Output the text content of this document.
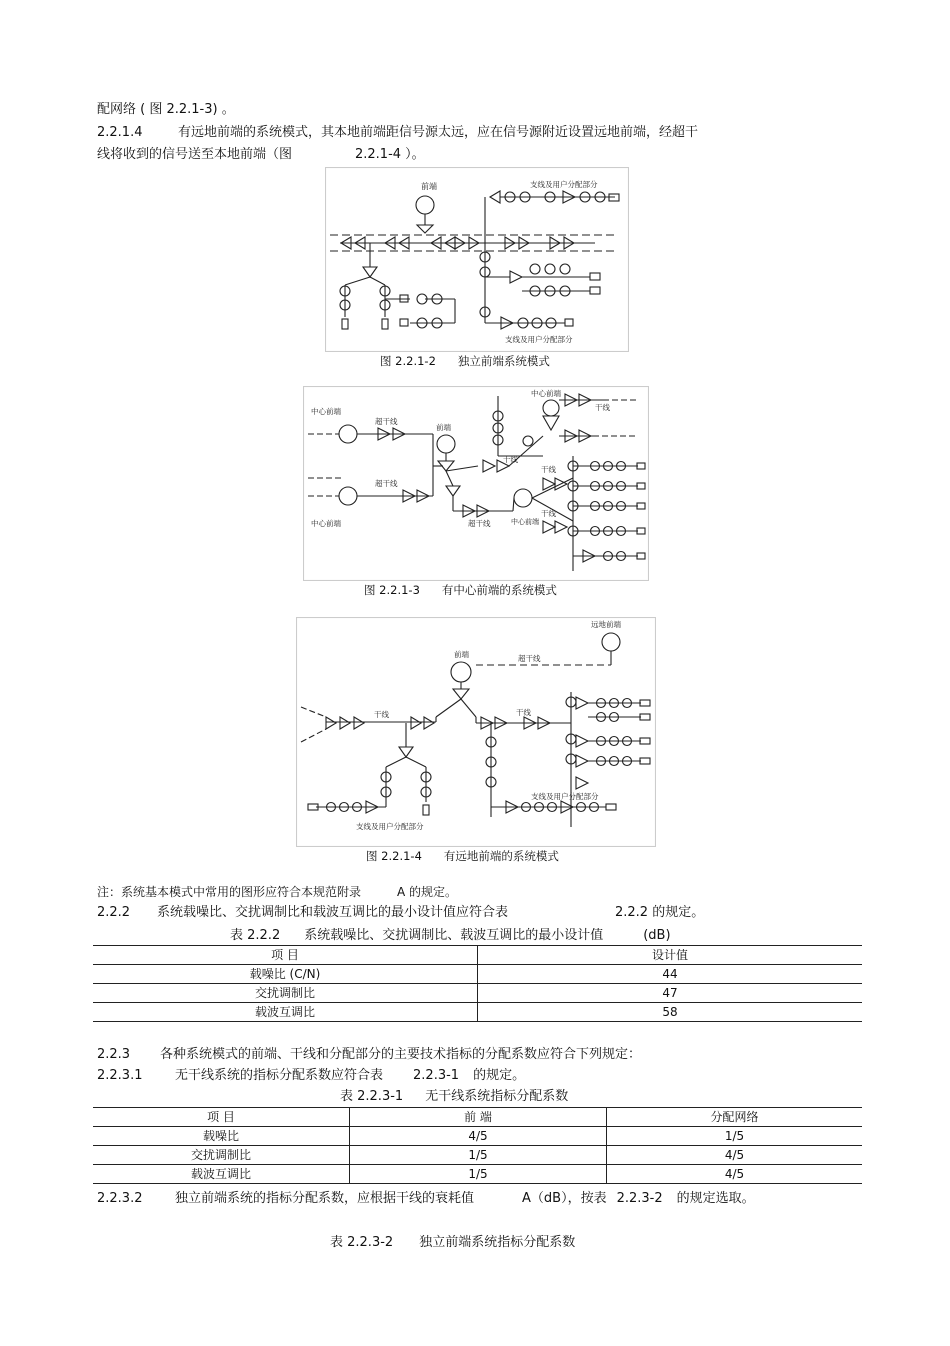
配网络 ( 图 2.2.1-3) 。
2.2.1.4	有远地前端的系统模式，其本地前端距信号源太远，应在信号源附近设置远地前端，经超干
线将收到的信号送至本地前端（图	2.2.1-4 ）。
前端	支线及用户分配部分
支线及用户分配部分
图 2.2.1-2 独立前端系统模式
中心前端
超干线
前端
中心前端
干线
干线
中心前端
超干线
干线
超干线	中心前端
干线
图 2.2.1-3 有中心前端的系统模式
远地前端
前端	超干线
干线	干线
支线及用户分配部分
支线及用户分配部分
图 2.2.1-4 有远地前端的系统模式
注：系统基本模式中常用的图形应符合本规范附录	A 的规定。
2.2.2 系统载噪比、交扰调制比和载波互调比的最小设计值应符合表	2.2.2 的规定。
表 2.2.2 系统载噪比、交扰调制比、载波互调比的最小设计值	(dB)
项 目	设计值
载噪比 (C/N)	44
交扰调制比	47
载波互调比	58
2.2.3 各种系统模式的前端、干线和分配部分的主要技术指标的分配系数应符合下列规定：
2.2.3.1	无干线系统的指标分配系数应符合表 2.2.3-1 的规定。
表 2.2.3-1 无干线系统指标分配系数
项 目	前 端	分配网络
载噪比	4/5	1/5
交扰调制比	1/5	4/5
载波互调比	1/5	4/5
2.2.3.2	独立前端系统的指标分配系数，应根据干线的衰耗值	A（dB），按表 2.2.3-2 的规定选取。
表 2.2.3-2 独立前端系统指标分配系数
